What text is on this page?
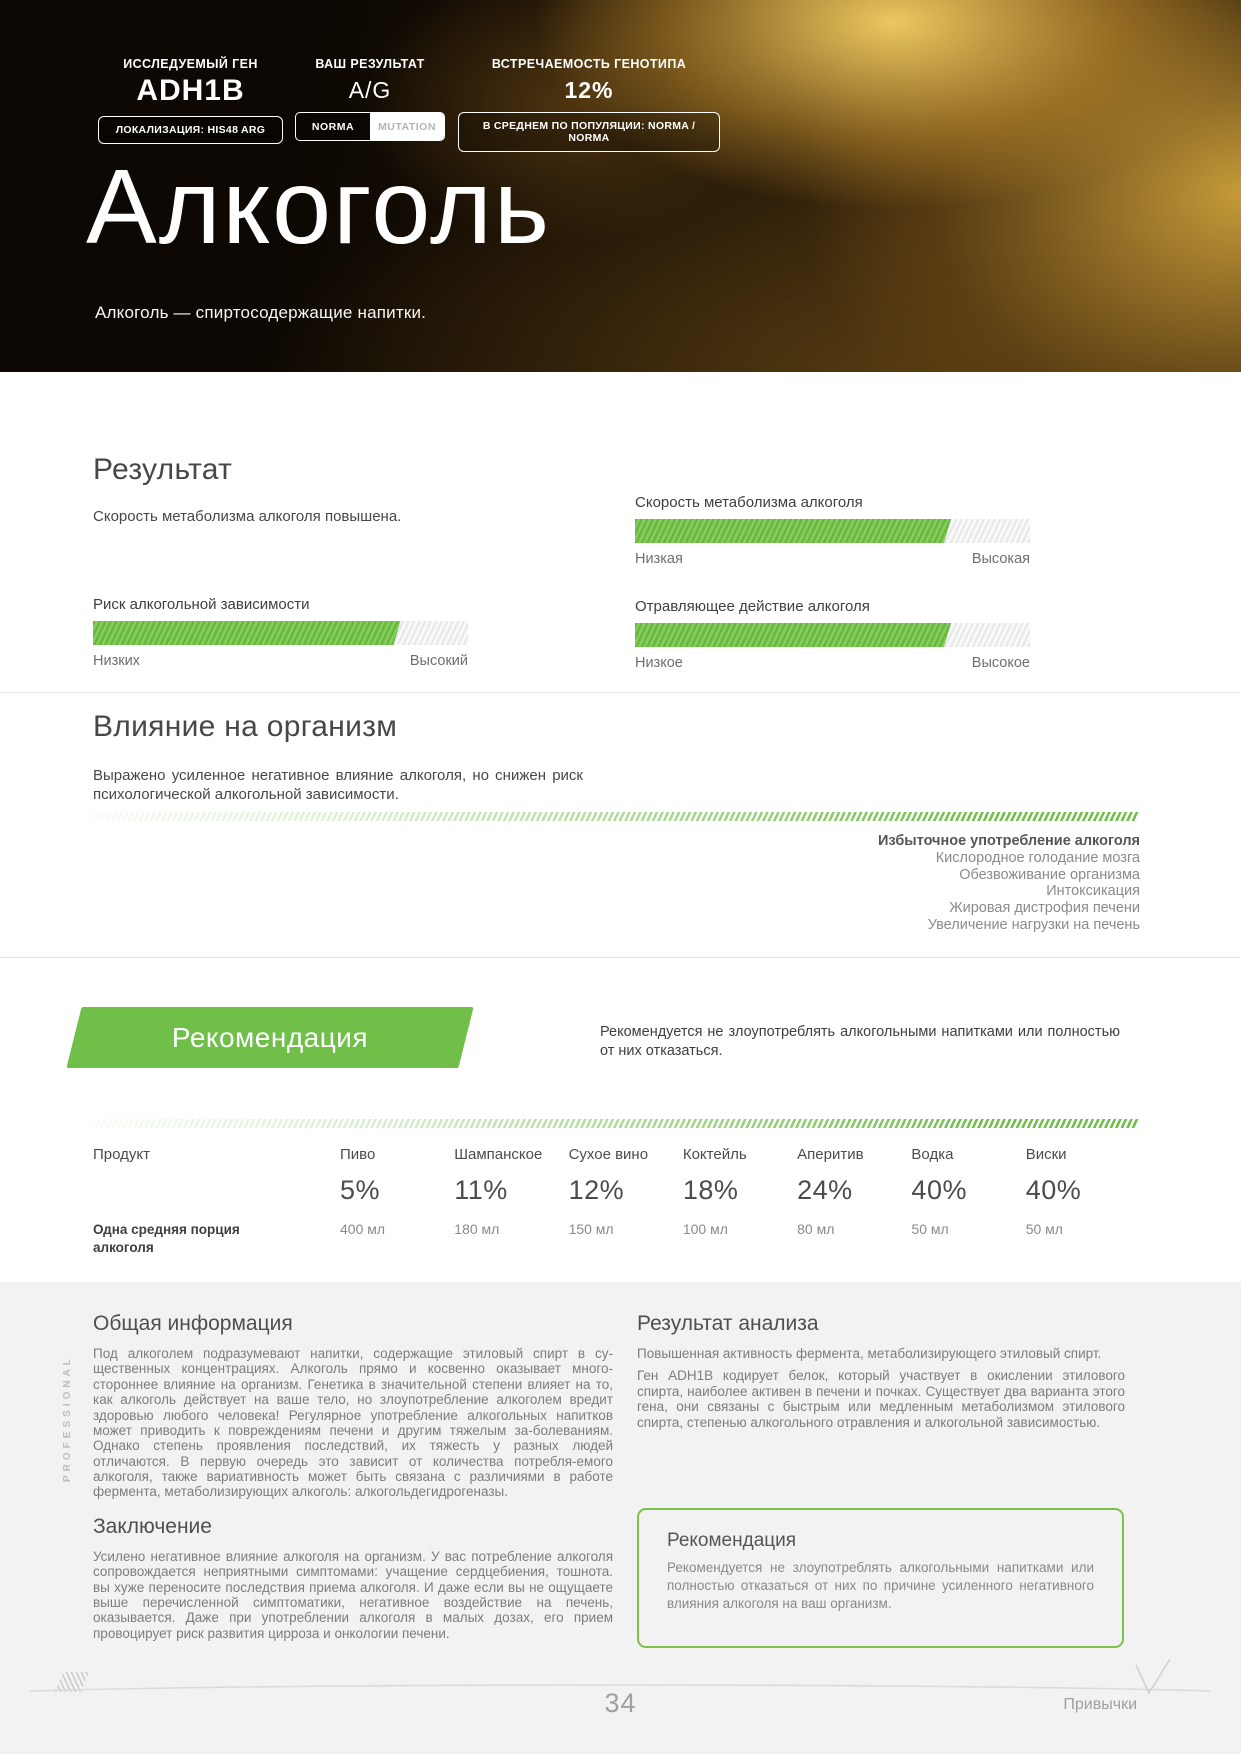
ИССЛЕДУЕМЫЙ ГЕН
ADH1B
ЛОКАЛИЗАЦИЯ: HIS48 ARG
ВАШ РЕЗУЛЬТАТ
A/G
NORMA	MUTATION
ВСТРЕЧАЕМОСТЬ ГЕНОТИПА
12%
В СРЕДНЕМ ПО ПОПУЛЯЦИИ: NORMA / NORMA
Алкоголь
Алкоголь — спиртосодержащие напитки.
Результат
Скорость метаболизма алкоголя повышена.
Скорость метаболизма алкоголя
Низкая	Высокая
Риск алкогольной зависимости
Низких	Высокий
Отравляющее действие алкоголя
Низкое	Высокое
Влияние на организм
Выражено усиленное негативное влияние алкоголя, но снижен риск психологической алкогольной зависимости.
Избыточное употребление алкоголя
Кислородное голодание мозга
Обезвоживание организма
Интоксикация
Жировая дистрофия печени
Увеличение нагрузки на печень
Рекомендация	Рекомендуется не злоупотреблять алкогольными напитками или полностью от них отказаться.
Продукт	Пиво	Шампанское	Сухое вино	Коктейль	Аперитив	Водка	Виски
5%	11%	12%	18%	24%	40%	40%
Одна средняя порция алкоголя
400 мл	180 мл	150 мл	100 мл	80 мл	50 мл	50 мл
PROFESSIONAL
Общая информация
Под алкоголем подразумевают напитки, содержащие этиловый спирт в су-щественных концентрациях. Алкоголь прямо и косвенно оказывает много-стороннее влияние на организм. Генетика в значительной степени влияет на то, как алкоголь действует на ваше тело, но злоупотребление алкоголем вредит здоровью любого человека! Регулярное употребление алкогольных напитков может приводить к повреждениям печени и другим тяжелым за-болеваниям. Однако степень проявления последствий, их тяжесть у разных людей отличаются. В первую очередь это зависит от количества потребля-емого алкоголя, также вариативность может быть связана с различиями в работе фермента, метаболизирующих алкоголь: алкогольдегидрогеназы.
Заключение
Усилено негативное влияние алкоголя на организм. У вас потребление алкоголя сопровождается неприятными симптомами: учащение сердцебиения, тошнота. вы хуже переносите последствия приема алкоголя. И даже если вы не ощущаете выше перечисленной симптоматики, негативное воздействие на печень, оказывается. Даже при употреблении алкоголя в малых дозах, его прием провоцирует риск развития цирроза и онкологии печени.
Результат анализа
Повышенная активность фермента, метаболизирующего этиловый спирт.
Ген ADH1B кодирует белок, который участвует в окислении этилового спирта, наиболее активен в печени и почках. Существует два варианта этого гена, они связаны с быстрым или медленным метаболизмом этилового спирта, степенью алкогольного отравления и алкогольной зависимостью.
Рекомендация
Рекомендуется не злоупотреблять алкогольными напитками или полностью отказаться от них по причине усиленного негативного влияния алкоголя на ваш организм.
34	Привычки
